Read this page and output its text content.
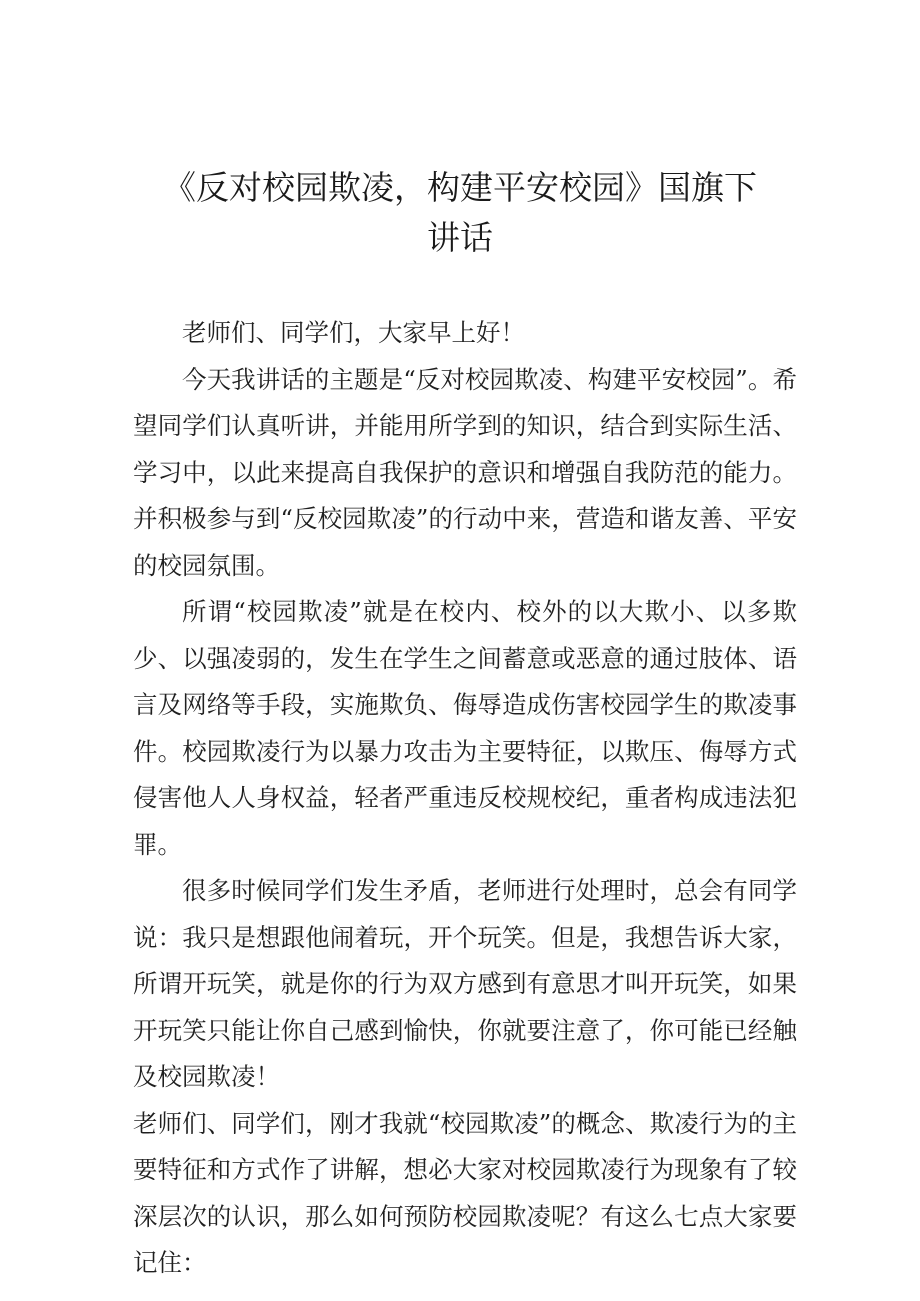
《反对校园欺凌，构建平安校园》国旗下
讲话

老师们、同学们，大家早上好！

今天我讲话的主题是“反对校园欺凌、构建平安校园”。希望同学们认真听讲，并能用所学到的知识，结合到实际生活、学习中，以此来提高自我保护的意识和增强自我防范的能力。并积极参与到“反校园欺凌”的行动中来，营造和谐友善、平安的校园氛围。

所谓“校园欺凌”就是在校内、校外的以大欺小、以多欺少、以强凌弱的，发生在学生之间蓄意或恶意的通过肢体、语言及网络等手段，实施欺负、侮辱造成伤害校园学生的欺凌事件。校园欺凌行为以暴力攻击为主要特征，以欺压、侮辱方式侵害他人人身权益，轻者严重违反校规校纪，重者构成违法犯罪。

很多时候同学们发生矛盾，老师进行处理时，总会有同学说：我只是想跟他闹着玩，开个玩笑。但是，我想告诉大家，所谓开玩笑，就是你的行为双方感到有意思才叫开玩笑，如果开玩笑只能让你自己感到愉快，你就要注意了，你可能已经触及校园欺凌！

老师们、同学们，刚才我就“校园欺凌”的概念、欺凌行为的主要特征和方式作了讲解，想必大家对校园欺凌行为现象有了较深层次的认识，那么如何预防校园欺凌呢？有这么七点大家要记住：
